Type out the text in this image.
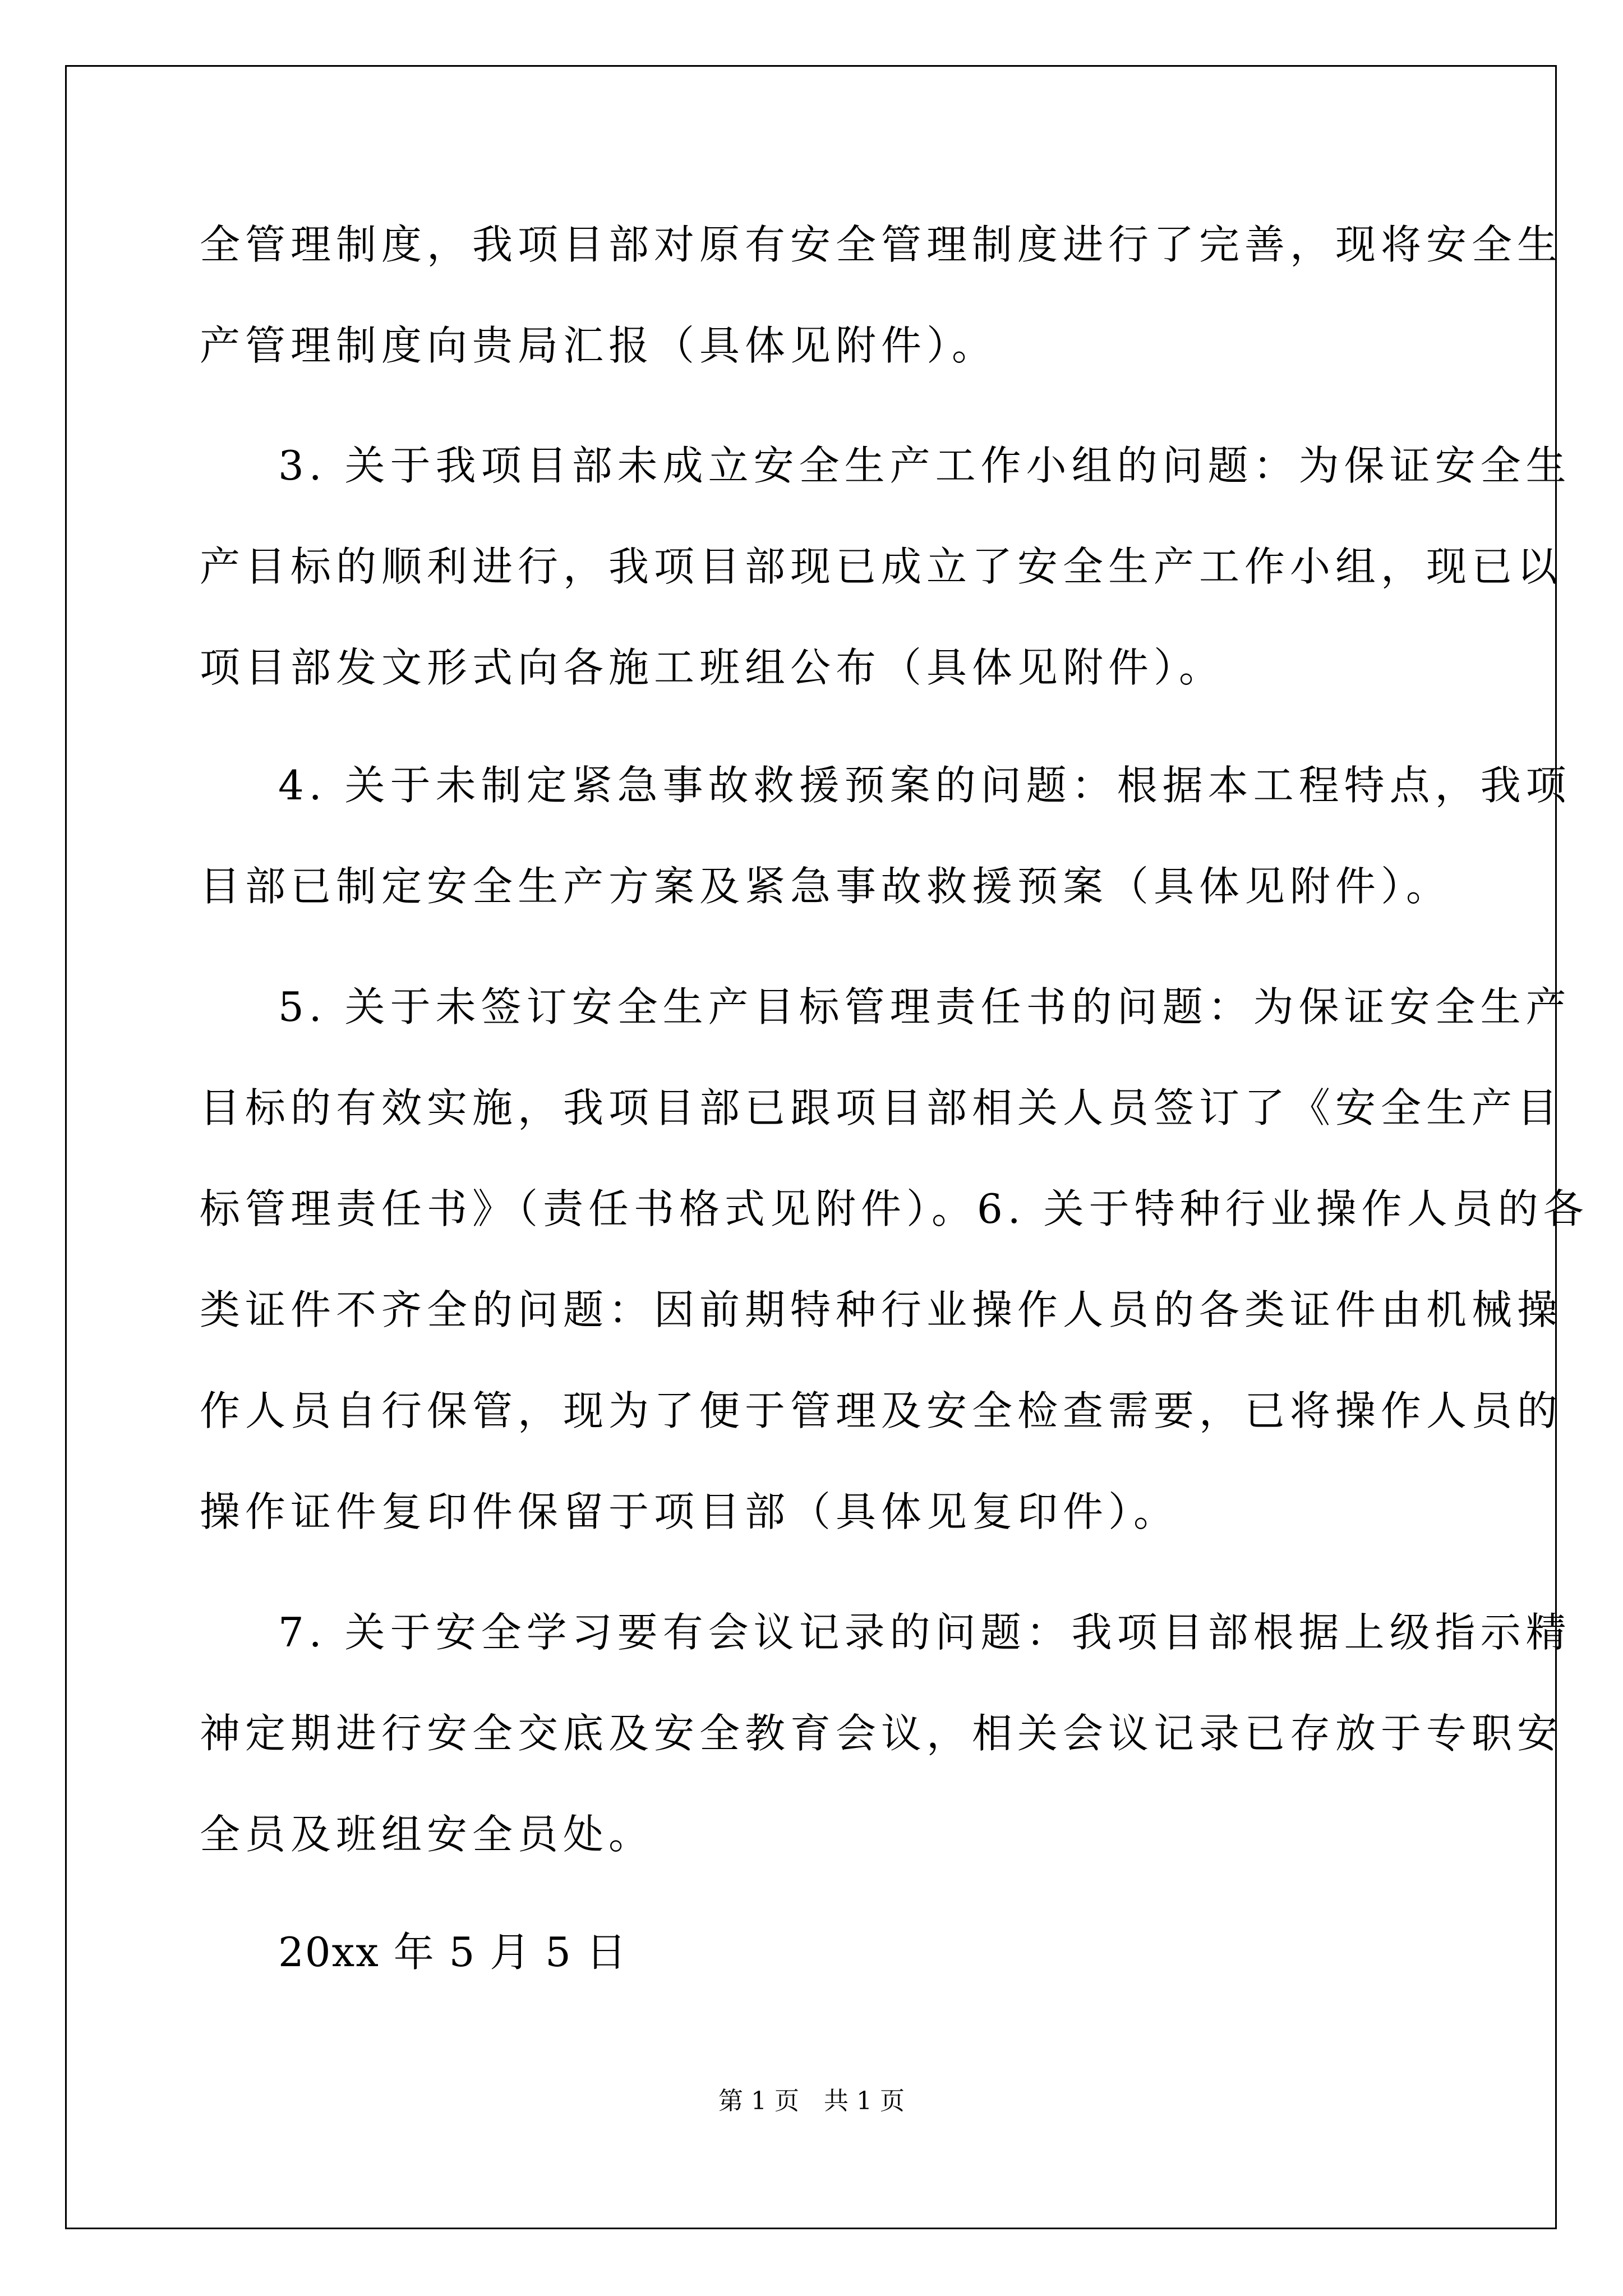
全管理制度，我项目部对原有安全管理制度进行了完善，现将安全生
产管理制度向贵局汇报（具体见附件）。
3. 关于我项目部未成立安全生产工作小组的问题：为保证安全生
产目标的顺利进行，我项目部现已成立了安全生产工作小组，现已以
项目部发文形式向各施工班组公布（具体见附件）。
4. 关于未制定紧急事故救援预案的问题：根据本工程特点，我项
目部已制定安全生产方案及紧急事故救援预案（具体见附件）。
5. 关于未签订安全生产目标管理责任书的问题：为保证安全生产
目标的有效实施，我项目部已跟项目部相关人员签订了《安全生产目
标管理责任书》（责任书格式见附件）。6. 关于特种行业操作人员的各
类证件不齐全的问题：因前期特种行业操作人员的各类证件由机械操
作人员自行保管，现为了便于管理及安全检查需要，已将操作人员的
操作证件复印件保留于项目部（具体见复印件）。
7. 关于安全学习要有会议记录的问题：我项目部根据上级指示精
神定期进行安全交底及安全教育会议，相关会议记录已存放于专职安
全员及班组安全员处。
20xx 年 5 月 5 日
第 1 页　共 1 页
